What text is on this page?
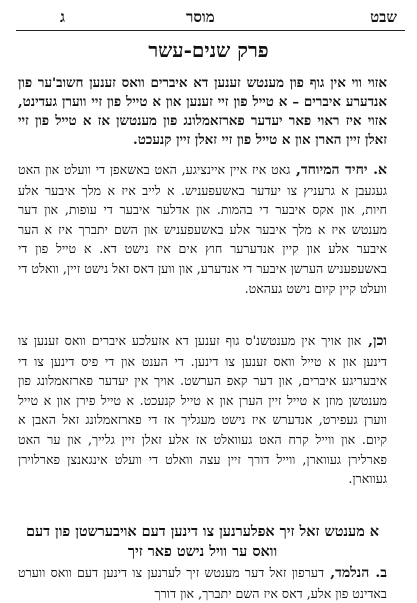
ג	מוסר	שבט
פרק שנים-עשר
אזוי ווי אין גוף פון מענטש זענען דא איברים וואס זענען חשוב'ער פון אנדערע איברים – א טייל פון זיי זענען און א טייל פון זיי ווערן געדינט, אזוי איז ראוי פאר יעדער פארזאמלונג פון מענטשן אז א טייל פון זיי זאלן זיין הארן און א טייל פון זיי זאלן זיין קנעכט.
א. יחיד המיוחד, גאט איז איין איינציגע, האט באשאפן די וועלט און האט געגעבן א גרעניץ צו יעדער באשעפעניש. א לייב איז א מלך איבער אלע חיות, און אקס איבער די בהמות. און אדלער איבער די עופות, און דער מענטש איז א מלך איבער אלע באשעפעניש און השם יתברך איז א הער איבער אלע און קיין אנדערער חוץ אים איז נישט דא. א טייל פון די באשעפעניש הערשן איבער די אנדערע, און ווען דאס זאל נישט זיין, וואלט די וועלט קיין קיום נישט געהאט.
וכן, און אויך אין מענטשנ'ס גוף זענען דא אזעלכע איברים וואס זענען צו דינען און א טייל וואס זענען צו דינען. די הענט און די פיס דינען צו די איבעריגע איברים, און דער קאפ הערשט. אויך אין יעדער פארזאמלונג פון מענטשן מוזן א טייל זיין הערן און א טייל קנעכט. א טייל פירן און א טייל ווערן געפירט, אנדערש איז נישט מעגליך אז די פארזאמלונג זאל האבן א קיום. און ווייל קרח האט געוואלט אז אלע זאלן זיין גלייך, און ער האט פארלירן געווארן, ווייל דורך זיין עצה וואלט די וועלט אינגאנצן פארלוירן געווארן.
א מענטש זאל זיך אפלערנען צו דינען דעם אויבערשטן פון דעם וואס ער וויל נישט פאר זיך
ב. הנלמד, דערפון זאל דער מענטש זיך לערנען צו דינען דעם וואס ווערט באדינט פון אלע, דאס איז השם יתברך, און דורך
